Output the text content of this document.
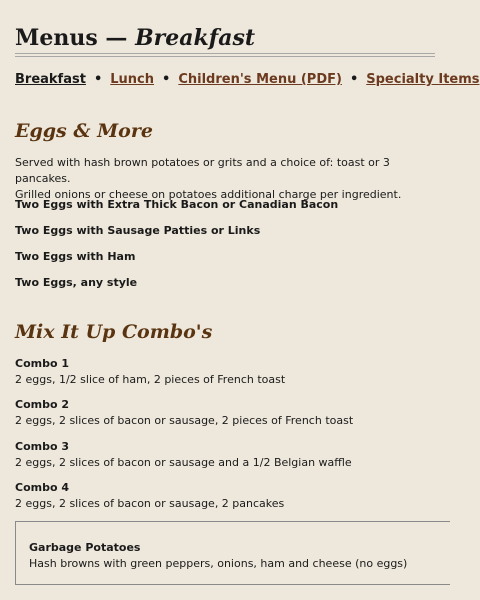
Menus — Breakfast
Breakfast • Lunch • Children's Menu (PDF) • Specialty Items
Eggs & More
Served with hash brown potatoes or grits and a choice of: toast or 3 pancakes.
Grilled onions or cheese on potatoes additional charge per ingredient.
Two Eggs with Extra Thick Bacon or Canadian Bacon
Two Eggs with Sausage Patties or Links
Two Eggs with Ham
Two Eggs, any style
Mix It Up Combo's
Combo 1
2 eggs, 1/2 slice of ham, 2 pieces of French toast
Combo 2
2 eggs, 2 slices of bacon or sausage, 2 pieces of French toast
Combo 3
2 eggs, 2 slices of bacon or sausage and a 1/2 Belgian waffle
Combo 4
2 eggs, 2 slices of bacon or sausage, 2 pancakes
Garbage Potatoes
Hash browns with green peppers, onions, ham and cheese (no eggs)
